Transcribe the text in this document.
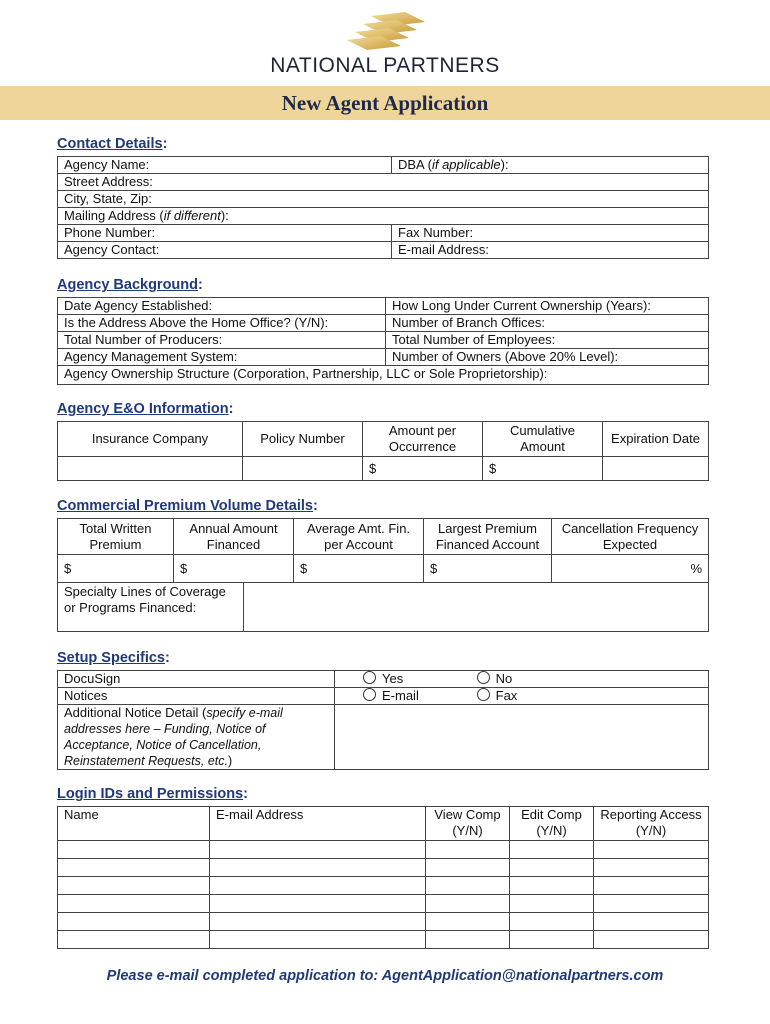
NATIONAL PARTNERS
New Agent Application
Contact Details:
Agency Name:	DBA (if applicable):
Street Address:	
City, State, Zip:	
Mailing Address (if different):	
Phone Number:	Fax Number:
Agency Contact:	E-mail Address:
Agency Background:
Date Agency Established:	How Long Under Current Ownership (Years):
Is the Address Above the Home Office? (Y/N):	Number of Branch Offices:
Total Number of Producers:	Total Number of Employees:
Agency Management System:	Number of Owners (Above 20% Level):
Agency Ownership Structure (Corporation, Partnership, LLC or Sole Proprietorship):	
Agency E&O Information:
Insurance Company	Policy Number	Amount per Occurrence	Cumulative Amount	Expiration Date
		$	$	
Commercial Premium Volume Details:
Total Written Premium	Annual Amount Financed	Average Amt. Fin. per Account	Largest Premium Financed Account	Cancellation Frequency Expected
$	$	$	$	%
Specialty Lines of Coverage or Programs Financed:	
Setup Specifics:
DocuSign	Yes No
Notices	E-mail Fax
Additional Notice Detail (specify e-mail addresses here – Funding, Notice of Acceptance, Notice of Cancellation, Reinstatement Requests, etc.)	
Login IDs and Permissions:
Name	E-mail Address	View Comp (Y/N)	Edit Comp (Y/N)	Reporting Access (Y/N)

Please e-mail completed application to: AgentApplication@nationalpartners.com
